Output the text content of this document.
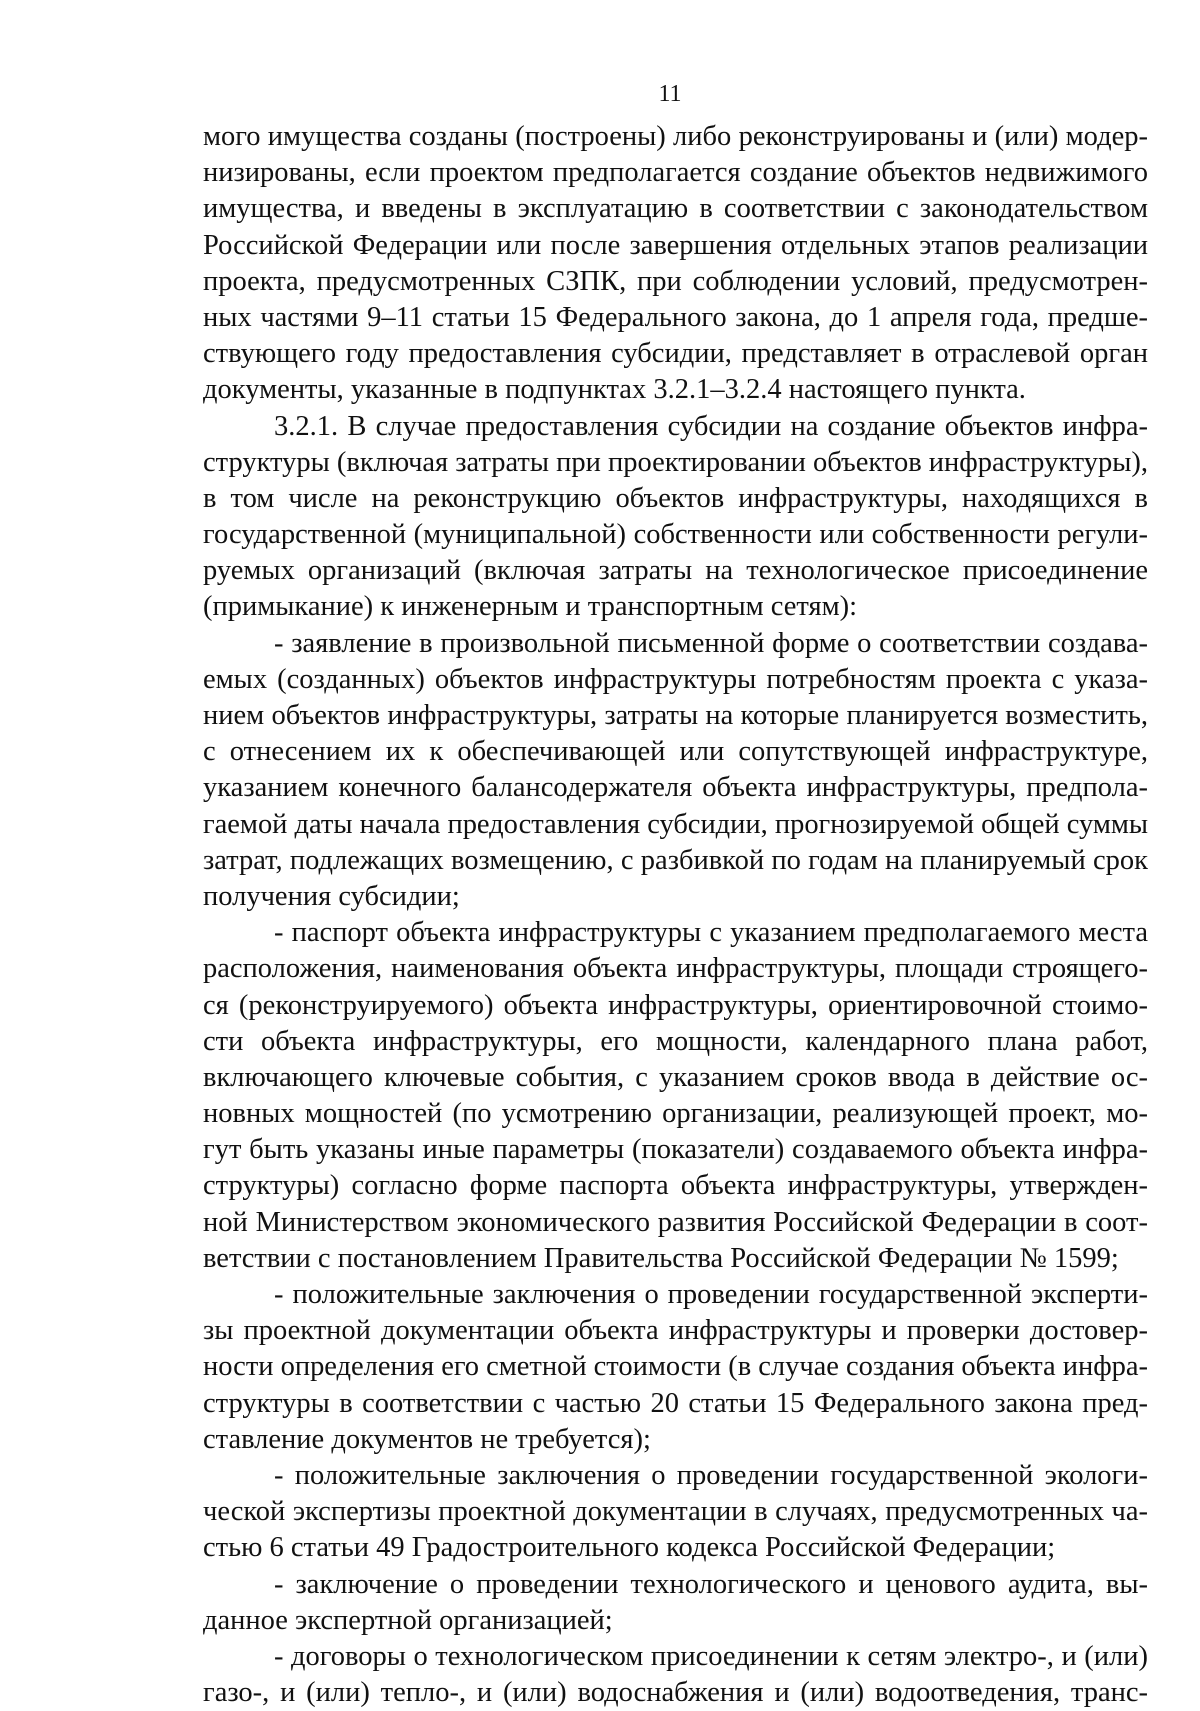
11
мого имущества созданы (построены) либо реконструированы и (или) модер-
низированы, если проектом предполагается создание объектов недвижимого
имущества, и введены в эксплуатацию в соответствии с законодательством
Российской Федерации или после завершения отдельных этапов реализации
проекта, предусмотренных СЗПК, при соблюдении условий, предусмотрен-
ных частями 9–11 статьи 15 Федерального закона, до 1 апреля года, предше-
ствующего году предоставления субсидии, представляет в отраслевой орган
документы, указанные в подпунктах 3.2.1–3.2.4 настоящего пункта.
3.2.1. В случае предоставления субсидии на создание объектов инфра-
структуры (включая затраты при проектировании объектов инфраструктуры),
в том числе на реконструкцию объектов инфраструктуры, находящихся в
государственной (муниципальной) собственности или собственности регули-
руемых организаций (включая затраты на технологическое присоединение
(примыкание) к инженерным и транспортным сетям):
- заявление в произвольной письменной форме о соответствии создава-
емых (созданных) объектов инфраструктуры потребностям проекта с указа-
нием объектов инфраструктуры, затраты на которые планируется возместить,
с отнесением их к обеспечивающей или сопутствующей инфраструктуре,
указанием конечного балансодержателя объекта инфраструктуры, предпола-
гаемой даты начала предоставления субсидии, прогнозируемой общей суммы
затрат, подлежащих возмещению, с разбивкой по годам на планируемый срок
получения субсидии;
- паспорт объекта инфраструктуры с указанием предполагаемого места
расположения, наименования объекта инфраструктуры, площади строящего-
ся (реконструируемого) объекта инфраструктуры, ориентировочной стоимо-
сти объекта инфраструктуры, его мощности, календарного плана работ,
включающего ключевые события, с указанием сроков ввода в действие ос-
новных мощностей (по усмотрению организации, реализующей проект, мо-
гут быть указаны иные параметры (показатели) создаваемого объекта инфра-
структуры) согласно форме паспорта объекта инфраструктуры, утвержден-
ной Министерством экономического развития Российской Федерации в соот-
ветствии с постановлением Правительства Российской Федерации № 1599;
- положительные заключения о проведении государственной эксперти-
зы проектной документации объекта инфраструктуры и проверки достовер-
ности определения его сметной стоимости (в случае создания объекта инфра-
структуры в соответствии с частью 20 статьи 15 Федерального закона пред-
ставление документов не требуется);
- положительные заключения о проведении государственной экологи-
ческой экспертизы проектной документации в случаях, предусмотренных ча-
стью 6 статьи 49 Градостроительного кодекса Российской Федерации;
- заключение о проведении технологического и ценового аудита, вы-
данное экспертной организацией;
- договоры о технологическом присоединении к сетям электро-, и (или)
газо-, и (или) тепло-, и (или) водоснабжения и (или) водоотведения, транс-
